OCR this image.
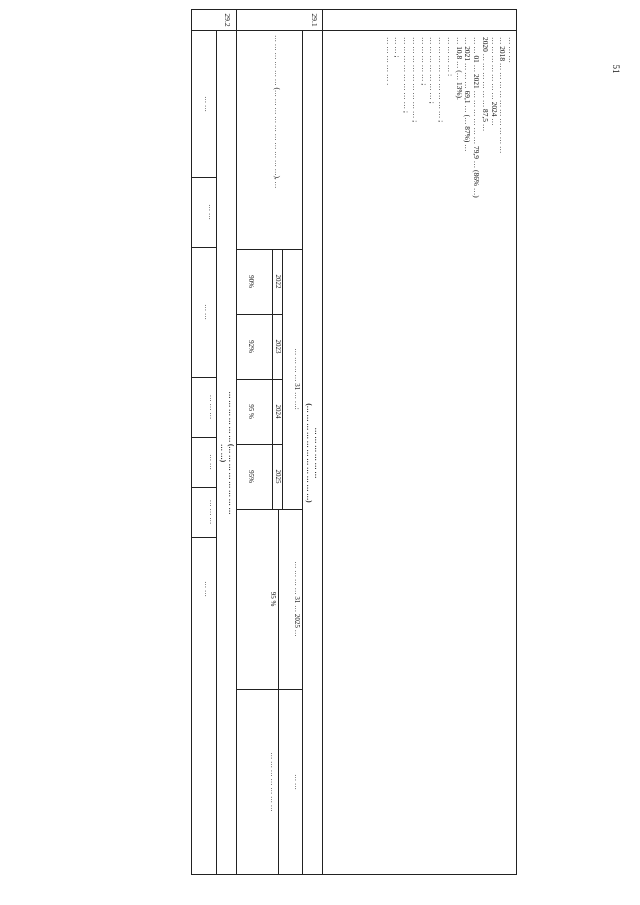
51
29.1
29.2

… … …

… 2018 … … … … … … … … … …

… … … … … … … 2024 …

2020 … … … … … … 87,5 …

… … 01 … 2021 … … … … … … 79,9 … (86% …)

… 2021 … … … 69,1 … (… 87%) …

… 10,8 … (… 13%).

… … … … :

… … … … … … … … … ;

… … … … … … … ;

… … … … … ;

… … … … … … … … … ;

… … … … … … … … ;

… … ;

… … … … … .

… … … … … …
(… … … … … … … … … … …)
… … … … … … (… … … … … … … … … …), …
… … … … 31 … …:
2022
2023
2024
2025
90%
92%
95 %
95%
… … … … 31 … 2025 …
95 %
… …
… … … … … … …
… … … … … … (… … … … … … … …
… …)
… …
… …
… …
… … …
… …
… … …
… …
